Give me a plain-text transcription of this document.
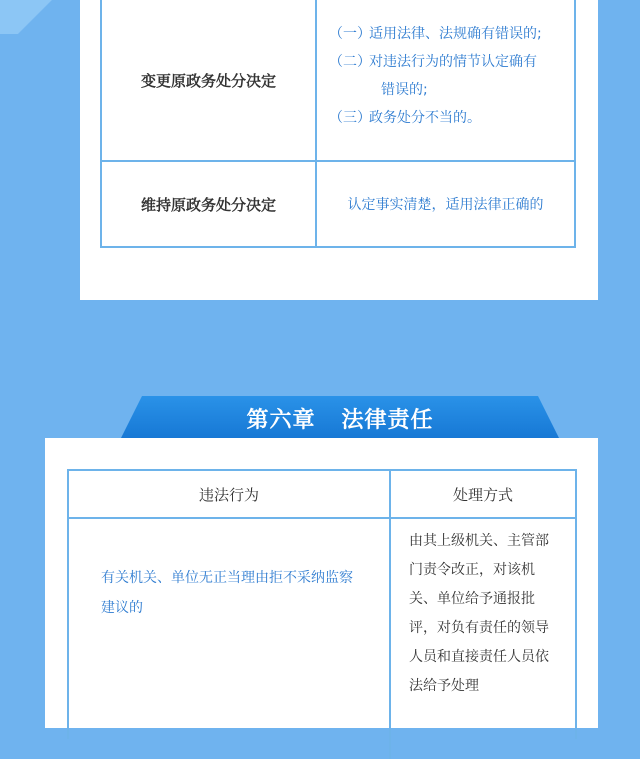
变更原政务处分决定
（一）适用法律、法规确有错误的;
（二）对违法行为的情节认定确有
错误的;
（三）政务处分不当的。
维持原政务处分决定	认定事实清楚，适用法律正确的
第六章 法律责任
违法行为	处理方式
有关机关、单位无正当理由拒不采纳监察建议的
由其上级机关、主管部门责令改正，对该机关、单位给予通报批评，对负有责任的领导人员和直接责任人员依法给予处理
